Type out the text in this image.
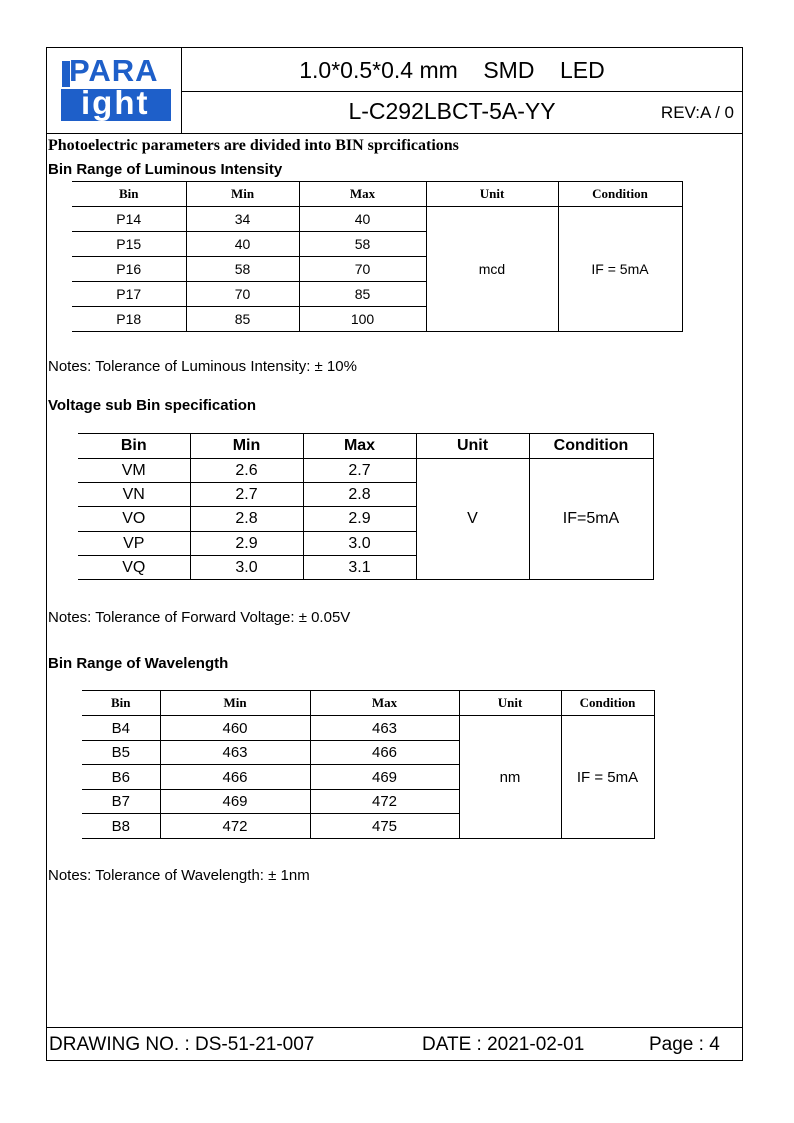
PARA
ight
1.0*0.5*0.4 mm    SMD    LED
L-C292LBCT-5A-YY	REV:A / 0
DRAWING NO. : DS-51-21-007	DATE : 2021-02-01	Page : 4
Photoelectric parameters are divided into BIN sprcifications
Bin Range of Luminous Intensity
Bin	Min	Max	Unit	Condition
P14	34	40	mcd	IF = 5mA
P15	40	58		
P16	58	70		
P17	70	85		
P18	85	100		
Notes: Tolerance of Luminous Intensity: ± 10%
Voltage sub Bin specification
Bin	Min	Max	Unit	Condition
VM	2.6	2.7	V	IF=5mA
VN	2.7	2.8		
VO	2.8	2.9		
VP	2.9	3.0		
VQ	3.0	3.1		
Notes: Tolerance of Forward Voltage: ± 0.05V
Bin Range of Wavelength
Bin	Min	Max	Unit	Condition
B4	460	463	nm	IF = 5mA
B5	463	466		
B6	466	469		
B7	469	472		
B8	472	475		
Notes: Tolerance of Wavelength: ± 1nm
